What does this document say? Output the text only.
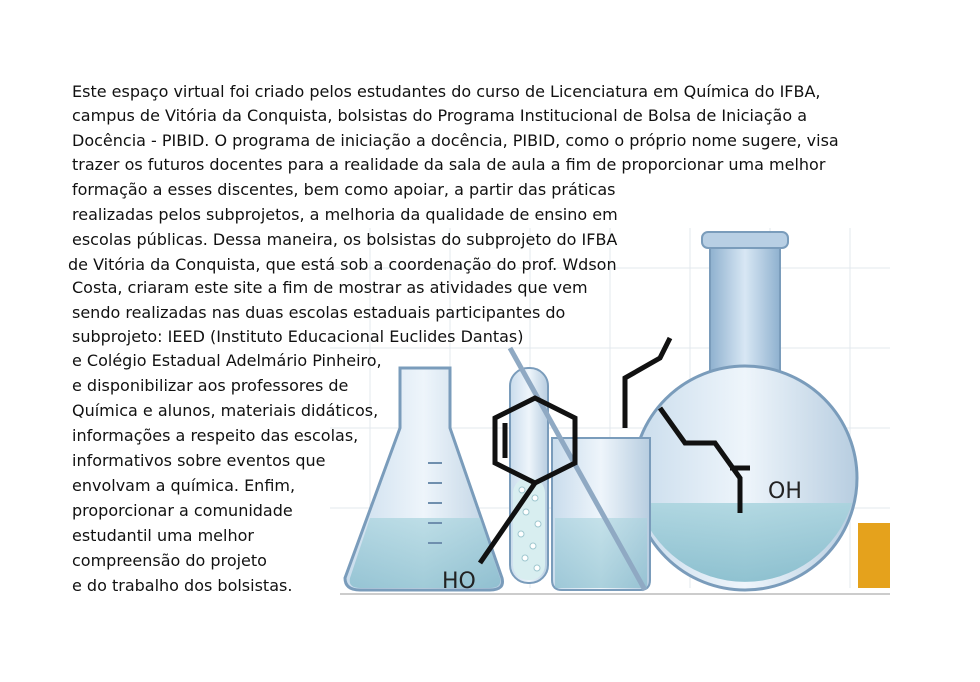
OH
HO
Este espaço virtual foi criado pelos estudantes do curso de Licenciatura em Química do IFBA,
campus de Vitória da Conquista, bolsistas do Programa Institucional de Bolsa de Iniciação a
Docência - PIBID. O programa de iniciação a docência, PIBID, como o próprio nome sugere, visa
trazer os futuros docentes para a realidade da sala de aula a fim de proporcionar uma melhor
formação a esses discentes, bem como apoiar, a partir das práticas
realizadas pelos subprojetos, a melhoria da qualidade de ensino em
escolas públicas. Dessa maneira, os bolsistas do subprojeto do IFBA
de Vitória da Conquista, que está sob a coordenação do prof. Wdson
Costa, criaram este site a fim de mostrar as atividades que vem
sendo realizadas nas duas escolas estaduais participantes do
subprojeto: IEED (Instituto Educacional Euclides Dantas)
e Colégio Estadual Adelmário Pinheiro,
e disponibilizar aos professores de
Química e alunos, materiais didáticos,
informações a respeito das escolas,
informativos sobre eventos que
envolvam a química. Enfim,
proporcionar a comunidade
estudantil uma melhor
compreensão do projeto
e do trabalho dos bolsistas.
